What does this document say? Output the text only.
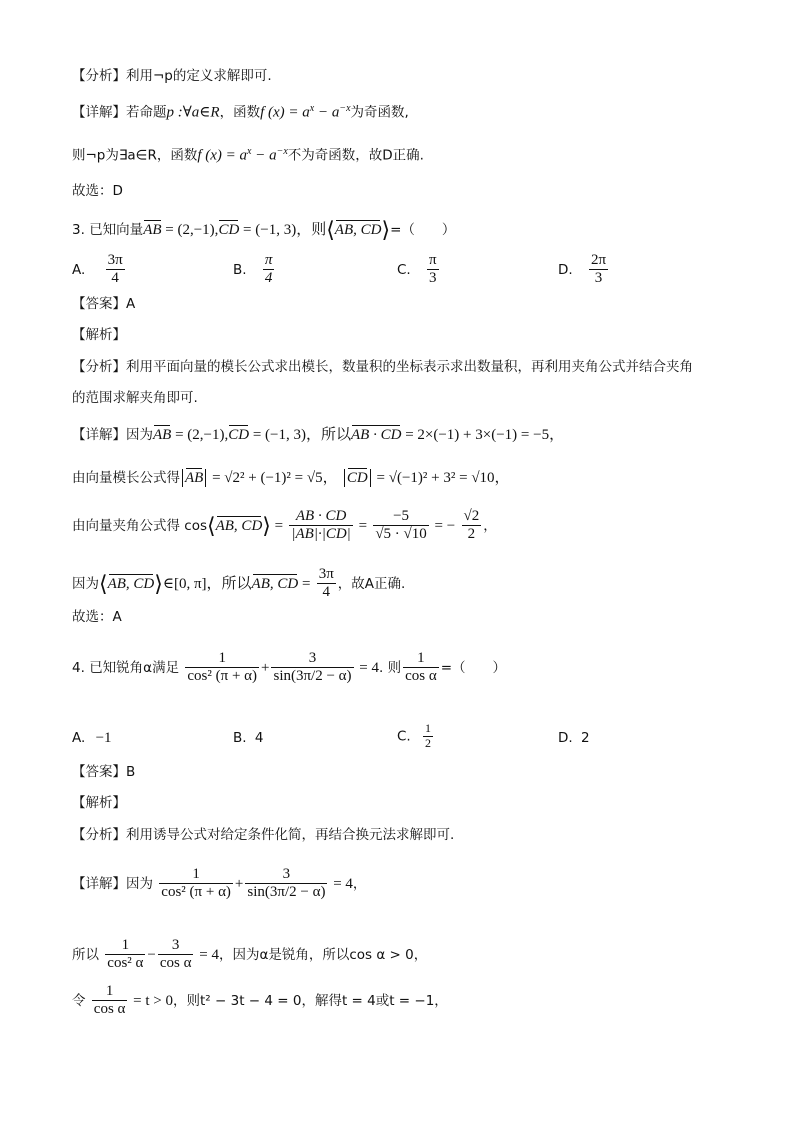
【分析】利用¬p的定义求解即可.
【详解】若命题p :∀a∈R，函数f $(x) = a^x - a^{-x}$为奇函数,
则¬p为∃a∈R，函数f $(x) = a^x - a^{-x}$不为奇函数，故D正确.
故选：D
3. 已知向量AB = (2,−1),CD = (−1, 3)，则⟨AB, CD⟩=（　　）
A. $\frac{3\pi}{4}$	B. $\frac{\pi}{4}$	C. $\frac{\pi}{3}$	D. $\frac{2\pi}{3}$
【答案】A
【解析】
【分析】利用平面向量的模长公式求出模长，数量积的坐标表示求出数量积，再利用夹角公式并结合夹角
的范围求解夹角即可.
【详解】因为AB = (2,−1),CD = (−1, 3)，所以AB · CD = 2×(−1) + 3×(−1) = −5，
由向量模长公式得 AB = √2² + (−1)² = √5， CD = √(−1)² + 3² = √10，
由向量夹角公式得 cos⟨AB, CD⟩ = $\frac{AB \cdot CD}{|AB|\cdot|CD|} = \frac{-5}{√5 \cdot √10}$ = − $\frac{√2}{2}$ ，
因为⟨AB, CD⟩∈[0, π]，所以AB, CD = $\frac{3\pi}{4}$ ，故A正确.
故选：A
4. 已知锐角α满足 $\frac{1}{\text{cos² (π + α)}} + \frac{3}{\sin(3\pi/2 - \alpha)} = 4$. 则 $\frac{1}{\text{cos α}}$ =（　　）
A. −1	B. 4	C. $\frac{1}{2}$	D. 2
【答案】B
【解析】
【分析】利用诱导公式对给定条件化简，再结合换元法求解即可.
【详解】因为 $\frac{1}{\text{cos² (π + α)}} + \frac{3}{\sin(3\pi/2 - \alpha)} = 4$，
所以 $\frac{1}{\text{cos² α}} - \frac{3}{\text{cos α}} = 4$，因为α是锐角，所以cos α > 0，
令 $\frac{1}{\text{cos α}} = t > 0$，则t² − 3t − 4 = 0，解得t = 4或t = −1，
